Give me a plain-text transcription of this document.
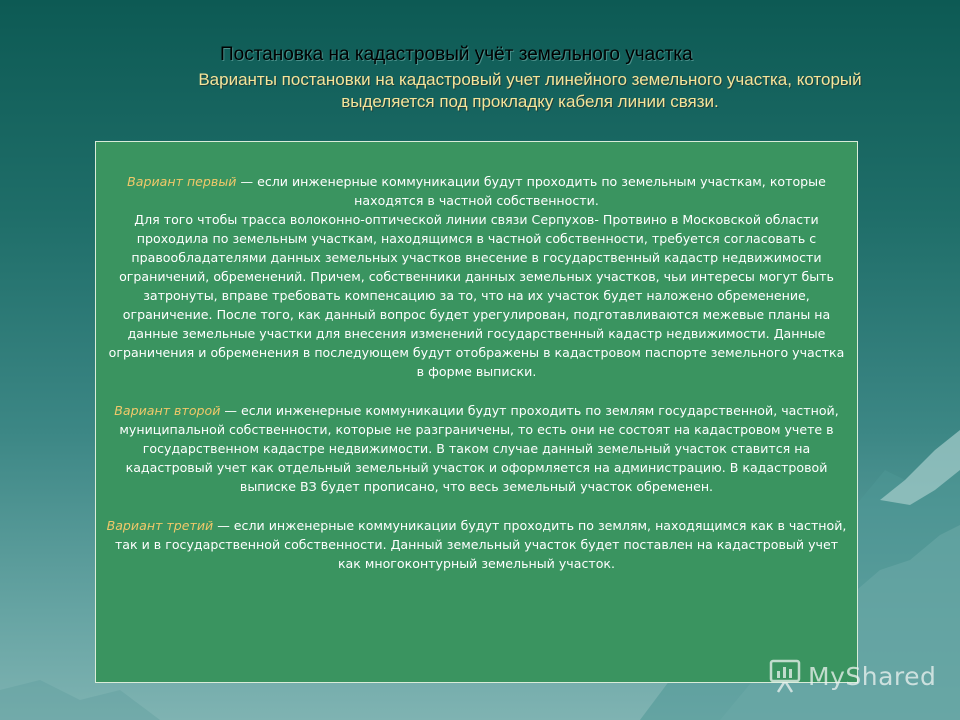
Постановка на кадастровый учёт земельного участка
Варианты постановки на кадастровый учет линейного земельного участка, который выделяется под прокладку кабеля линии связи.

Вариант первый — если инженерные коммуникации будут проходить по земельным участкам, которые находятся в частной собственности.
Для того чтобы трасса волоконно-оптической линии связи Серпухов- Протвино в Московской области проходила по земельным участкам, находящимся в частной собственности, требуется согласовать с правообладателями данных земельных участков внесение в государственный кадастр недвижимости ограничений, обременений. Причем, собственники данных земельных участков, чьи интересы могут быть затронуты, вправе требовать компенсацию за то, что на их участок будет наложено обременение, ограничение. После того, как данный вопрос будет урегулирован, подготавливаются межевые планы на данные земельные участки для внесения изменений государственный кадастр недвижимости. Данные ограничения и обременения в последующем будут отображены в кадастровом паспорте земельного участка в форме выписки.

Вариант второй — если инженерные коммуникации будут проходить по землям государственной, частной, муниципальной собственности, которые не разграничены, то есть они не состоят на кадастровом учете в государственном кадастре недвижимости. В таком случае данный земельный участок ставится на кадастровый учет как отдельный земельный участок и оформляется на администрацию. В кадастровой выписке ВЗ будет прописано, что весь земельный участок обременен.

Вариант третий — если инженерные коммуникации будут проходить по землям, находящимся как в частной, так и в государственной собственности. Данный земельный участок будет поставлен на кадастровый учет как многоконтурный земельный участок.

MyShared
